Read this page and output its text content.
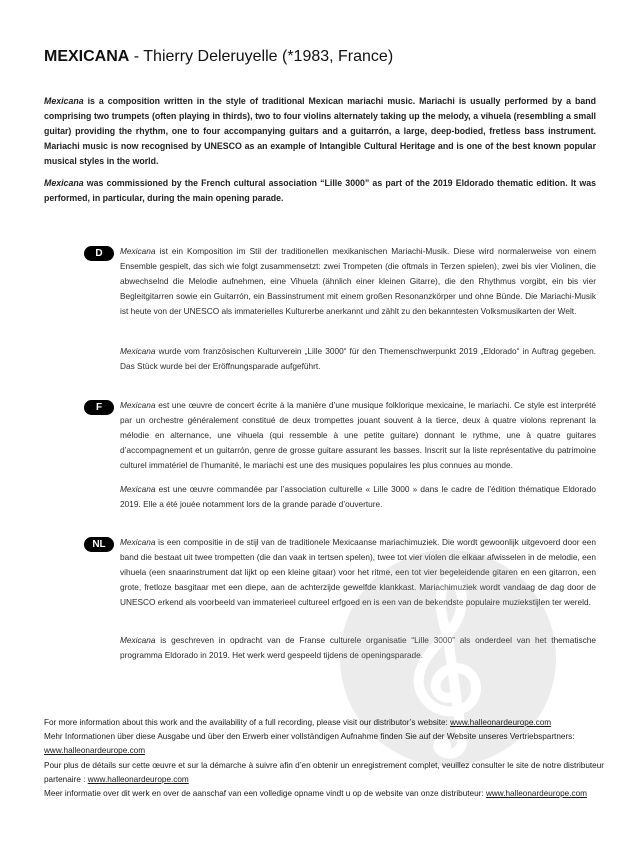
MEXICANA - Thierry Deleruyelle (*1983, France)

Mexicana is a composition written in the style of traditional Mexican mariachi music. Mariachi is usually performed by a band comprising two trumpets (often playing in thirds), two to four violins alternately taking up the melody, a vihuela (resembling a small guitar) providing the rhythm, one to four accompanying guitars and a guitarrón, a large, deep-bodied, fretless bass instrument. Mariachi music is now recognised by UNESCO as an example of Intangible Cultural Heritage and is one of the best known popular musical styles in the world.

Mexicana was commissioned by the French cultural association “Lille 3000” as part of the 2019 Eldorado thematic edition. It was performed, in particular, during the main opening parade.

D	Mexicana ist ein Komposition im Stil der traditionellen mexikanischen Mariachi-Musik. Diese wird normalerweise von einem Ensemble gespielt, das sich wie folgt zusammensetzt: zwei Trompeten (die oftmals in Terzen spielen), zwei bis vier Violinen, die abwechselnd die Melodie aufnehmen, eine Vihuela (ähnlich einer kleinen Gitarre), die den Rhythmus vorgibt, ein bis vier Begleitgitarren sowie ein Guitarrón, ein Bassinstrument mit einem großen Resonanzkörper und ohne Bünde. Die Mariachi-Musik ist heute von der UNESCO als immaterielles Kulturerbe anerkannt und zählt zu den bekanntesten Volksmusikarten der Welt.

Mexicana wurde vom französischen Kulturverein „Lille 3000“ für den Themenschwerpunkt 2019 „Eldorado“ in Auftrag gegeben. Das Stück wurde bei der Eröffnungsparade aufgeführt.

F	Mexicana est une œuvre de concert écrite à la manière d’une musique folklorique mexicaine, le mariachi. Ce style est interprété par un orchestre généralement constitué de deux trompettes jouant souvent à la tierce, deux à quatre violons reprenant la mélodie en alternance, une vihuela (qui ressemble à une petite guitare) donnant le rythme, une à quatre guitares d’accompagnement et un guitarrón, genre de grosse guitare assurant les basses. Inscrit sur la liste représentative du patrimoine culturel immatériel de l’humanité, le mariachi est une des musiques populaires les plus connues au monde.

Mexicana est une œuvre commandée par l’association culturelle « Lille 3000 » dans le cadre de l’édition thématique Eldorado 2019. Elle a été jouée notamment lors de la grande parade d’ouverture.

NL	Mexicana is een compositie in de stijl van de traditionele Mexicaanse mariachimuziek. Die wordt gewoonlijk uitgevoerd door een band die bestaat uit twee trompetten (die dan vaak in tertsen spelen), twee tot vier violen die elkaar afwisselen in de melodie, een vihuela (een snaarinstrument dat lijkt op een kleine gitaar) voor het ritme, een tot vier begeleidende gitaren en een gitarron, een grote, fretloze basgitaar met een diepe, aan de achterzijde gewelfde klankkast. Mariachimuziek wordt vandaag de dag door de UNESCO erkend als voorbeeld van immaterieel cultureel erfgoed en is een van de bekendste populaire muziekstijlen ter wereld.

Mexicana is geschreven in opdracht van de Franse culturele organisatie “Lille 3000” als onderdeel van het thematische programma Eldorado in 2019. Het werk werd gespeeld tijdens de openingsparade.

For more information about this work and the availability of a full recording, please visit our distributor’s website: www.halleonardeurope.com

Mehr Informationen über diese Ausgabe und über den Erwerb einer vollständigen Aufnahme finden Sie auf der Website unseres Vertriebspartners: www.halleonardeurope.com

Pour plus de détails sur cette œuvre et sur la démarche à suivre afin d’en obtenir un enregistrement complet, veuillez consulter le site de notre distributeur partenaire : www.halleonardeurope.com

Meer informatie over dit werk en over de aanschaf van een volledige opname vindt u op de website van onze distributeur: www.halleonardeurope.com
